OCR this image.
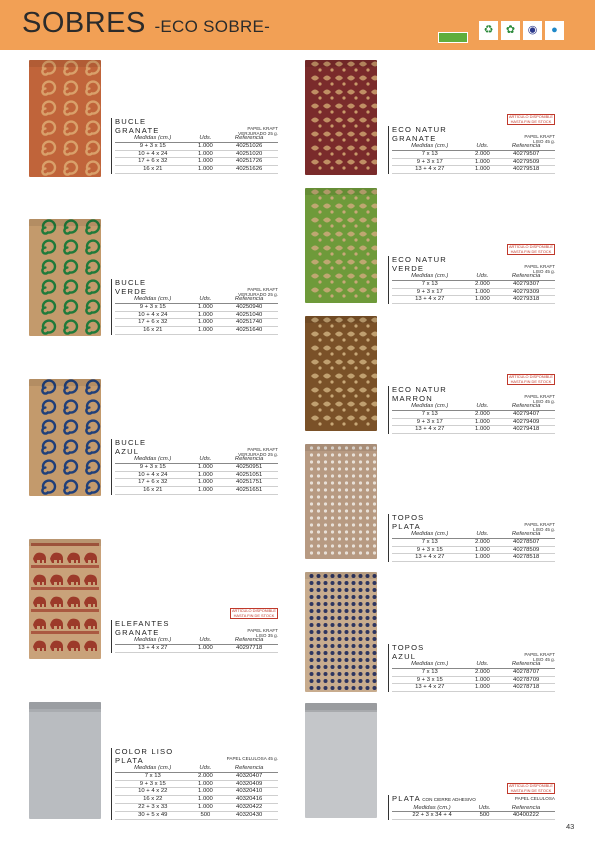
SOBRES -ECO SOBRE-	♻	✿	◉	●
BUCLE
GRANATE	PAPEL KRAFT
VERJURADO 25 g.
Medidas (cm.)	Uds.	Referencia
9 + 3 x 15	1.000	40251026
10 + 4 x 24	1.000	40251020
17 + 6 x 32	1.000	40251726
16 x 21	1.000	40251626
BUCLE
VERDE	PAPEL KRAFT
VERJURADO 25 g.
Medidas (cm.)	Uds.	Referencia
9 + 3 x 15	1.000	40250940
10 + 4 x 24	1.000	40251040
17 + 6 x 32	1.000	40251740
16 x 21	1.000	40251640
BUCLE
AZUL	PAPEL KRAFT
VERJURADO 25 g.
Medidas (cm.)	Uds.	Referencia
9 + 3 x 15	1.000	40250951
10 + 4 x 24	1.000	40251051
17 + 6 x 32	1.000	40251751
16 x 21	1.000	40251651
ARTÍCULO DISPONIBLE
HASTA FIN DE STOCK
ELEFANTES
GRANATE	PAPEL KRAFT
LISO 35 g.
Medidas (cm.)	Uds.	Referencia
13 + 4 x 27	1.000	40297718
COLOR LISO
PLATA	PAPEL CELULOSA 45 g.
Medidas (cm.)	Uds.	Referencia
7 x 13	2.000	40320407
9 + 3 x 15	1.000	40320409
10 + 4 x 22	1.000	40320410
16 x 22	1.000	40320416
22 + 3 x 33	1.000	40320422
30 + 5 x 49	500	40320430
ARTÍCULO DISPONIBLE
HASTA FIN DE STOCK
ECO NATUR
GRANATE	PAPEL KRAFT
LISO 45 g.
Medidas (cm.)	Uds.	Referencia
7 x 13	2.000	40279507
9 + 3 x 17	1.000	40279509
13 + 4 x 27	1.000	40279518
ARTÍCULO DISPONIBLE
HASTA FIN DE STOCK
ECO NATUR
VERDE	PAPEL KRAFT
LISO 45 g.
Medidas (cm.)	Uds.	Referencia
7 x 13	2.000	40279307
9 + 3 x 17	1.000	40279309
13 + 4 x 27	1.000	40279318
ARTÍCULO DISPONIBLE
HASTA FIN DE STOCK
ECO NATUR
MARRON	PAPEL KRAFT
LISO 45 g.
Medidas (cm.)	Uds.	Referencia
7 x 13	2.000	40279407
9 + 3 x 17	1.000	40279409
13 + 4 x 27	1.000	40279418
TOPOS
PLATA	PAPEL KRAFT
LISO 45 g.
Medidas (cm.)	Uds.	Referencia
7 x 13	2.000	40278507
9 + 3 x 15	1.000	40278509
13 + 4 x 27	1.000	40278518
TOPOS
AZUL	PAPEL KRAFT
LISO 45 g.
Medidas (cm.)	Uds.	Referencia
7 x 13	2.000	40278707
9 + 3 x 15	1.000	40278709
13 + 4 x 27	1.000	40278718
ARTÍCULO DISPONIBLE
HASTA FIN DE STOCK
PLATA CON CIERRE ADHESIVO	PAPEL CELULOSA
Medidas (cm.)	Uds.	Referencia
22 + 3 x 34 + 4	500	40400222
43
